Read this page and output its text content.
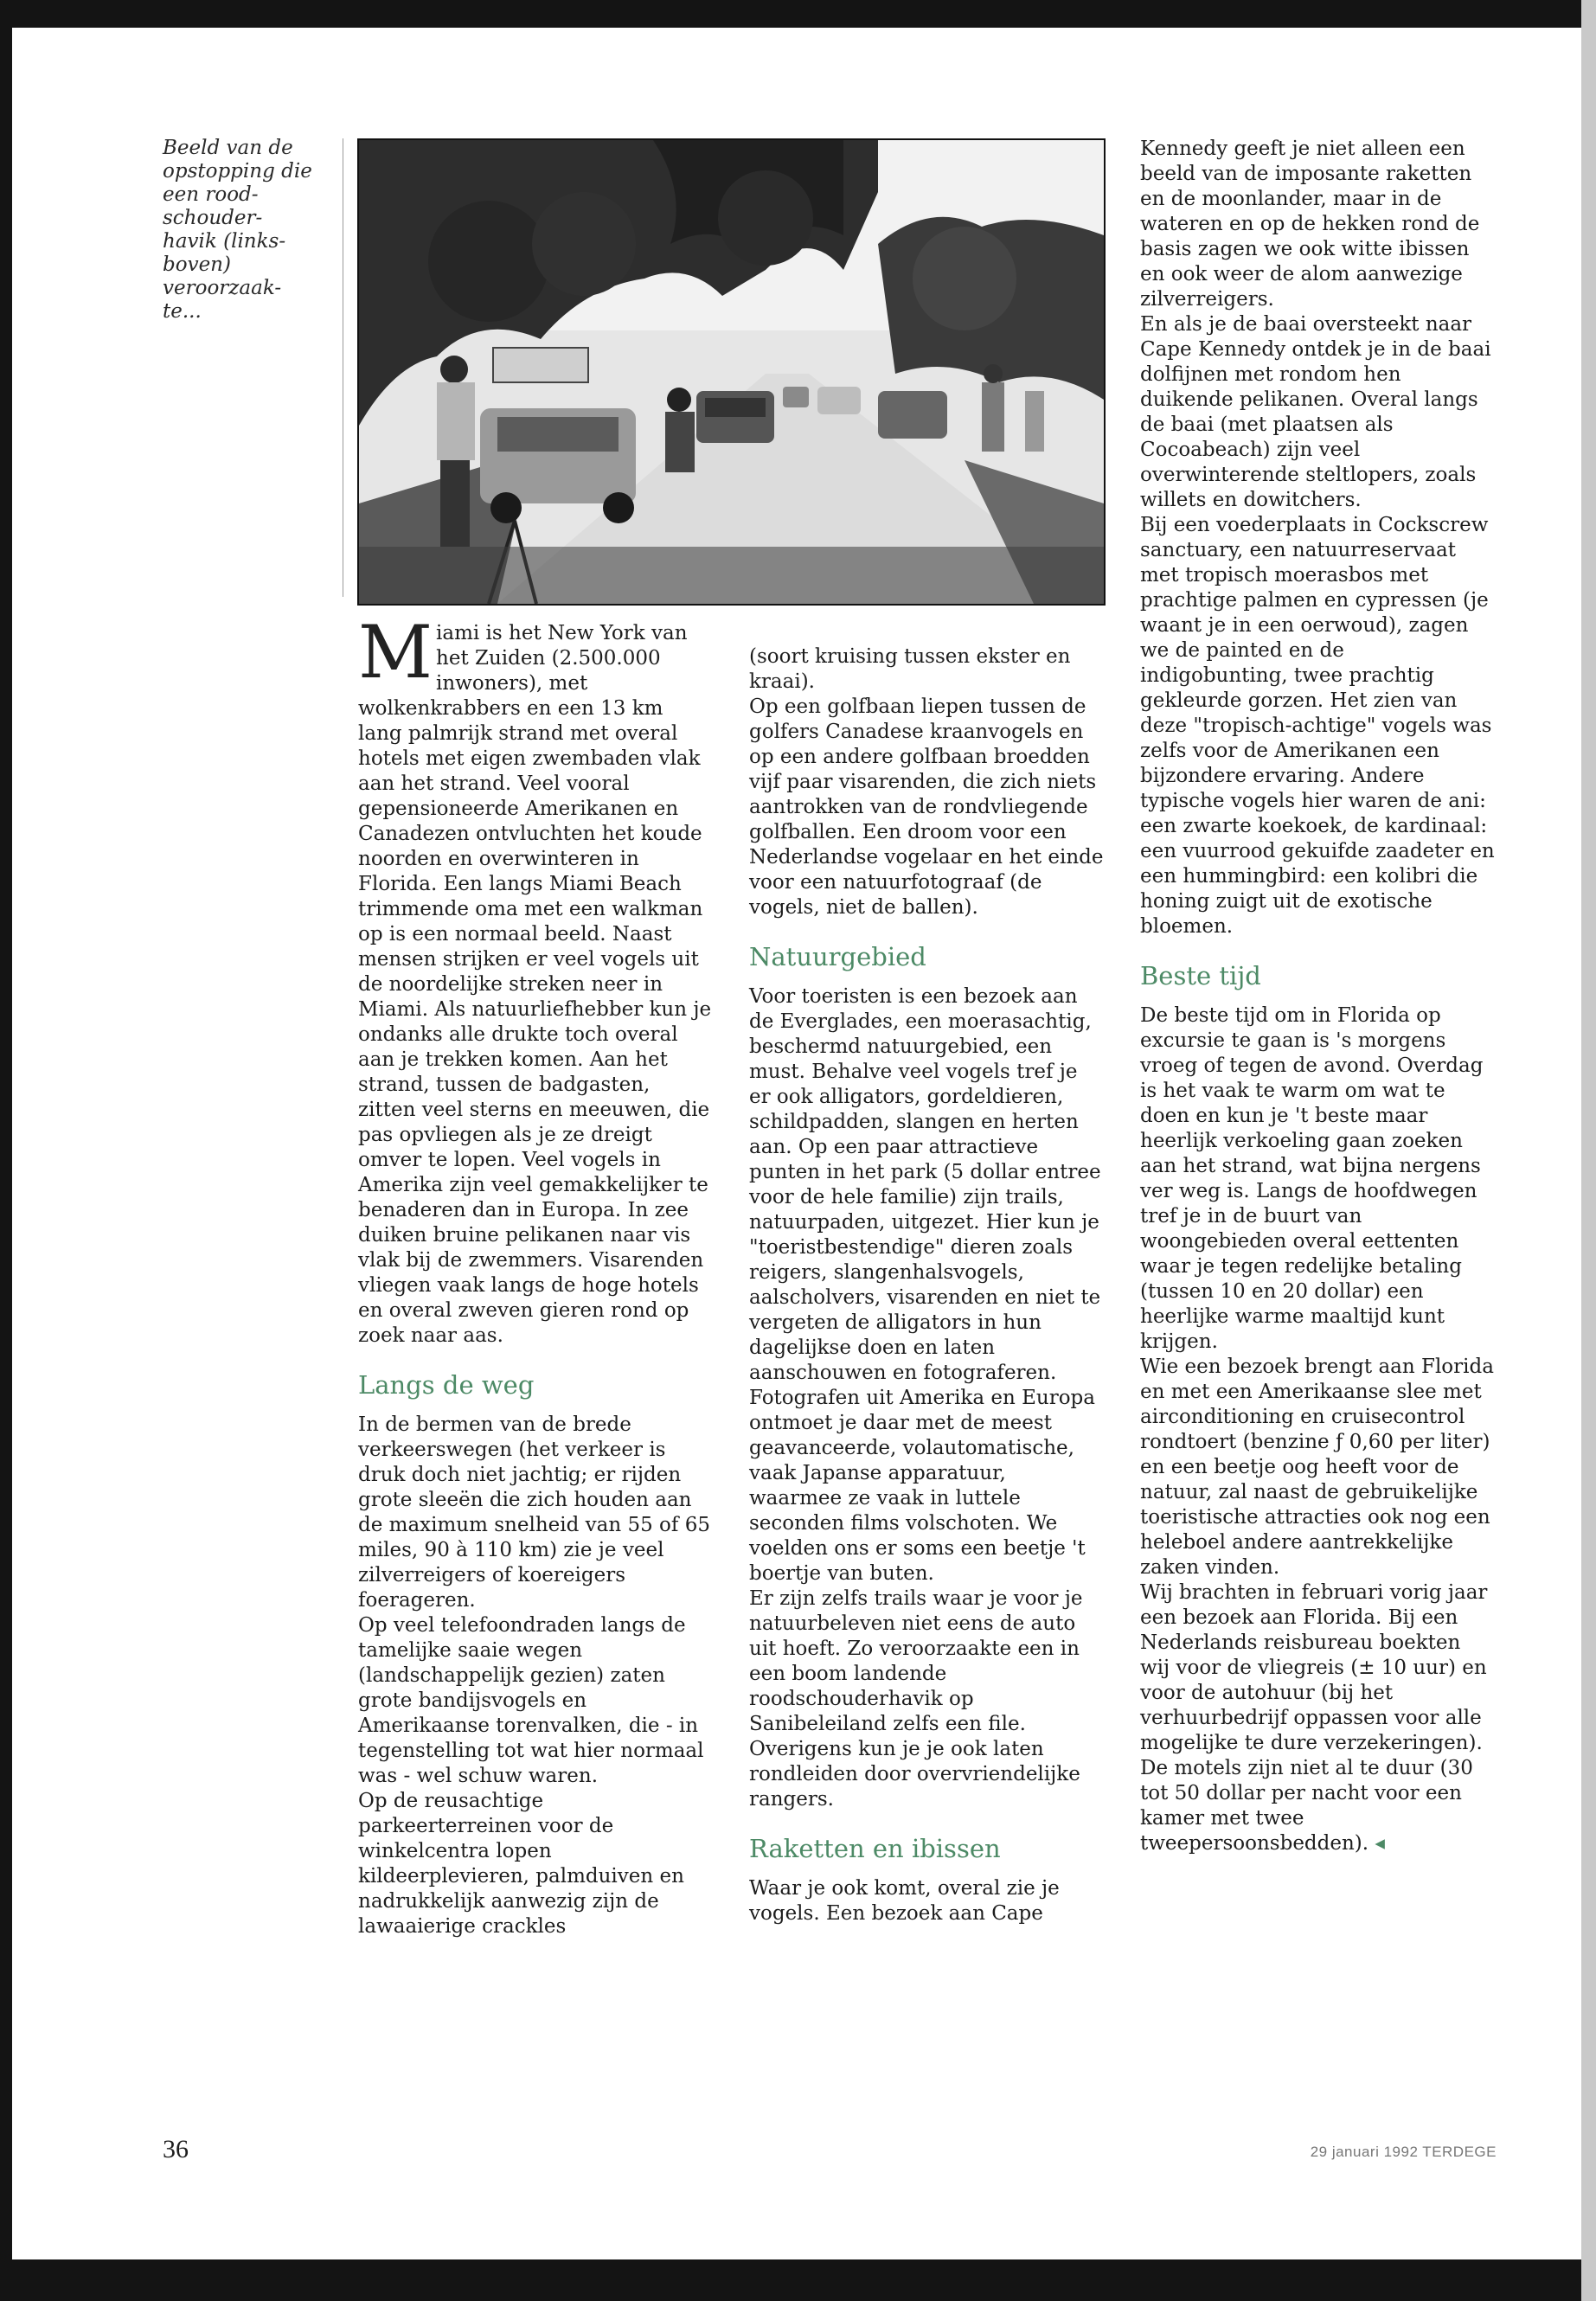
Beeld van de
opstopping die
een rood-
schouder-
havik (links-
boven)
veroorzaak-
te...

Miami is het New York van het Zuiden (2.500.000 inwoners), met wolkenkrabbers en een 13 km lang palmrijk strand met overal hotels met eigen zwembaden vlak aan het strand. Veel vooral gepensioneerde Amerikanen en Canadezen ontvluchten het koude noorden en overwinteren in Florida. Een langs Miami Beach trimmende oma met een walkman op is een normaal beeld. Naast mensen strijken er veel vogels uit de noordelijke streken neer in Miami. Als natuurliefhebber kun je ondanks alle drukte toch overal aan je trekken komen. Aan het strand, tussen de badgasten, zitten veel sterns en meeuwen, die pas opvliegen als je ze dreigt omver te lopen. Veel vogels in Amerika zijn veel gemakkelijker te benaderen dan in Europa. In zee duiken bruine pelikanen naar vis vlak bij de zwemmers. Visarenden vliegen vaak langs de hoge hotels en overal zweven gieren rond op zoek naar aas.

Langs de weg

In de bermen van de brede verkeerswegen (het verkeer is druk doch niet jachtig; er rijden grote sleeën die zich houden aan de maximum snelheid van 55 of 65 miles, 90 à 110 km) zie je veel zilverreigers of koereigers foerageren.

Op veel telefoondraden langs de tamelijke saaie wegen (landschappelijk gezien) zaten grote bandijsvogels en Amerikaanse torenvalken, die - in tegenstelling tot wat hier normaal was - wel schuw waren.

Op de reusachtige parkeerterreinen voor de winkelcentra lopen kildeerplevieren, palmduiven en nadrukkelijk aanwezig zijn de lawaaierige crackles

(soort kruising tussen ekster en kraai).

Op een golfbaan liepen tussen de golfers Canadese kraanvogels en op een andere golfbaan broedden vijf paar visarenden, die zich niets aantrokken van de rondvliegende golfballen. Een droom voor een Nederlandse vogelaar en het einde voor een natuurfotograaf (de vogels, niet de ballen).

Natuurgebied

Voor toeristen is een bezoek aan de Everglades, een moerasachtig, beschermd natuurgebied, een must. Behalve veel vogels tref je er ook alligators, gordeldieren, schildpadden, slangen en herten aan. Op een paar attractieve punten in het park (5 dollar entree voor de hele familie) zijn trails, natuurpaden, uitgezet. Hier kun je "toeristbestendige" dieren zoals reigers, slangenhalsvogels, aalscholvers, visarenden en niet te vergeten de alligators in hun dagelijkse doen en laten aanschouwen en fotograferen. Fotografen uit Amerika en Europa ontmoet je daar met de meest geavanceerde, volautomatische, vaak Japanse apparatuur, waarmee ze vaak in luttele seconden films volschoten. We voelden ons er soms een beetje 't boertje van buten.

Er zijn zelfs trails waar je voor je natuurbeleven niet eens de auto uit hoeft. Zo veroorzaakte een in een boom landende roodschouderhavik op Sanibeleiland zelfs een file. Overigens kun je je ook laten rondleiden door overvriendelijke rangers.

Raketten en ibissen

Waar je ook komt, overal zie je vogels. Een bezoek aan Cape

Kennedy geeft je niet alleen een beeld van de imposante raketten en de moonlander, maar in de wateren en op de hekken rond de basis zagen we ook witte ibissen en ook weer de alom aanwezige zilverreigers.

En als je de baai oversteekt naar Cape Kennedy ontdek je in de baai dolfijnen met rondom hen duikende pelikanen. Overal langs de baai (met plaatsen als Cocoabeach) zijn veel overwinterende steltlopers, zoals willets en dowitchers.

Bij een voederplaats in Cockscrew sanctuary, een natuurreservaat met tropisch moerasbos met prachtige palmen en cypressen (je waant je in een oerwoud), zagen we de painted en de indigobunting, twee prachtig gekleurde gorzen. Het zien van deze "tropisch-achtige" vogels was zelfs voor de Amerikanen een bijzondere ervaring. Andere typische vogels hier waren de ani: een zwarte koekoek, de kardinaal: een vuurrood gekuifde zaadeter en een hummingbird: een kolibri die honing zuigt uit de exotische bloemen.

Beste tijd

De beste tijd om in Florida op excursie te gaan is 's morgens vroeg of tegen de avond. Overdag is het vaak te warm om wat te doen en kun je 't beste maar heerlijk verkoeling gaan zoeken aan het strand, wat bijna nergens ver weg is. Langs de hoofdwegen tref je in de buurt van woongebieden overal eettenten waar je tegen redelijke betaling (tussen 10 en 20 dollar) een heerlijke warme maaltijd kunt krijgen.

Wie een bezoek brengt aan Florida en met een Amerikaanse slee met airconditioning en cruisecontrol rondtoert (benzine ƒ 0,60 per liter) en een beetje oog heeft voor de natuur, zal naast de gebruikelijke toeristische attracties ook nog een heleboel andere aantrekkelijke zaken vinden.

Wij brachten in februari vorig jaar een bezoek aan Florida. Bij een Nederlands reisbureau boekten wij voor de vliegreis (± 10 uur) en voor de autohuur (bij het verhuurbedrijf oppassen voor alle mogelijke te dure verzekeringen). De motels zijn niet al te duur (30 tot 50 dollar per nacht voor een kamer met twee tweepersoonsbedden). ◂

36	29 januari 1992 TERDEGE
